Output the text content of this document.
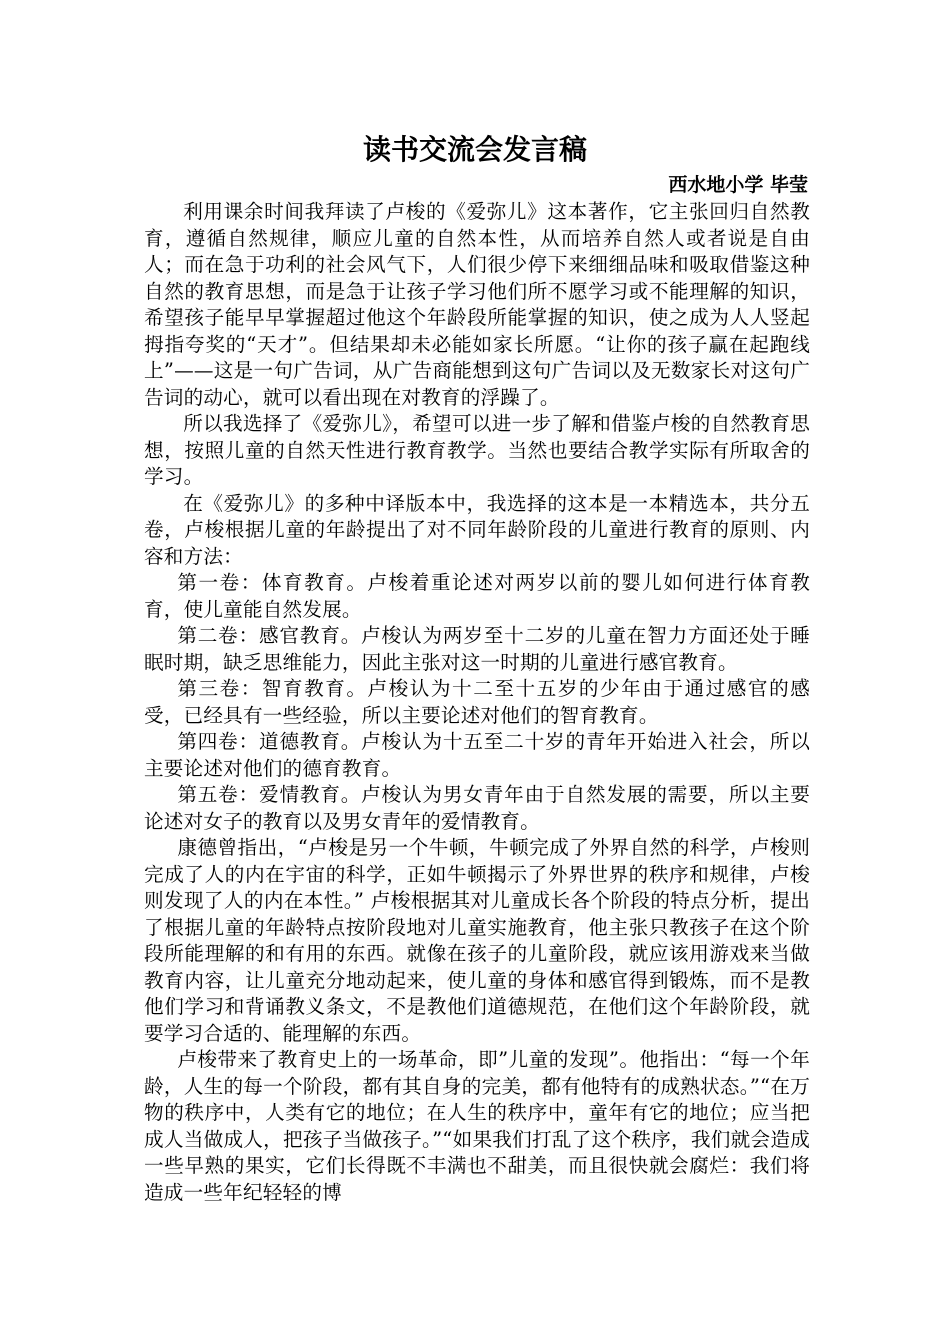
读书交流会发言稿
西水地小学 毕莹

利用课余时间我拜读了卢梭的《爱弥儿》这本著作，它主张回归自然教育，遵循自然规律，顺应儿童的自然本性，从而培养自然人或者说是自由人；而在急于功利的社会风气下，人们很少停下来细细品味和吸取借鉴这种自然的教育思想，而是急于让孩子学习他们所不愿学习或不能理解的知识，希望孩子能早早掌握超过他这个年龄段所能掌握的知识，使之成为人人竖起拇指夸奖的“天才”。但结果却未必能如家长所愿。“让你的孩子赢在起跑线上”——这是一句广告词，从广告商能想到这句广告词以及无数家长对这句广告词的动心，就可以看出现在对教育的浮躁了。

所以我选择了《爱弥儿》，希望可以进一步了解和借鉴卢梭的自然教育思想，按照儿童的自然天性进行教育教学。当然也要结合教学实际有所取舍的学习。

在《爱弥儿》的多种中译版本中，我选择的这本是一本精选本，共分五卷，卢梭根据儿童的年龄提出了对不同年龄阶段的儿童进行教育的原则、内容和方法：

第一卷：体育教育。卢梭着重论述对两岁以前的婴儿如何进行体育教育，使儿童能自然发展。

第二卷：感官教育。卢梭认为两岁至十二岁的儿童在智力方面还处于睡眠时期，缺乏思维能力，因此主张对这一时期的儿童进行感官教育。

第三卷：智育教育。卢梭认为十二至十五岁的少年由于通过感官的感受，已经具有一些经验，所以主要论述对他们的智育教育。

第四卷：道德教育。卢梭认为十五至二十岁的青年开始进入社会，所以主要论述对他们的德育教育。

第五卷：爱情教育。卢梭认为男女青年由于自然发展的需要，所以主要论述对女子的教育以及男女青年的爱情教育。

康德曾指出，“卢梭是另一个牛顿，牛顿完成了外界自然的科学，卢梭则完成了人的内在宇宙的科学，正如牛顿揭示了外界世界的秩序和规律，卢梭则发现了人的内在本性。” 卢梭根据其对儿童成长各个阶段的特点分析，提出了根据儿童的年龄特点按阶段地对儿童实施教育，他主张只教孩子在这个阶段所能理解的和有用的东西。就像在孩子的儿童阶段，就应该用游戏来当做教育内容，让儿童充分地动起来，使儿童的身体和感官得到锻炼，而不是教他们学习和背诵教义条文，不是教他们道德规范，在他们这个年龄阶段，就要学习合适的、能理解的东西。

卢梭带来了教育史上的一场革命，即”儿童的发现”。他指出：“每一个年龄，人生的每一个阶段，都有其自身的完美，都有他特有的成熟状态。”“在万物的秩序中，人类有它的地位；在人生的秩序中，童年有它的地位；应当把成人当做成人，把孩子当做孩子。”“如果我们打乱了这个秩序，我们就会造成一些早熟的果实，它们长得既不丰满也不甜美，而且很快就会腐烂：我们将造成一些年纪轻轻的博
